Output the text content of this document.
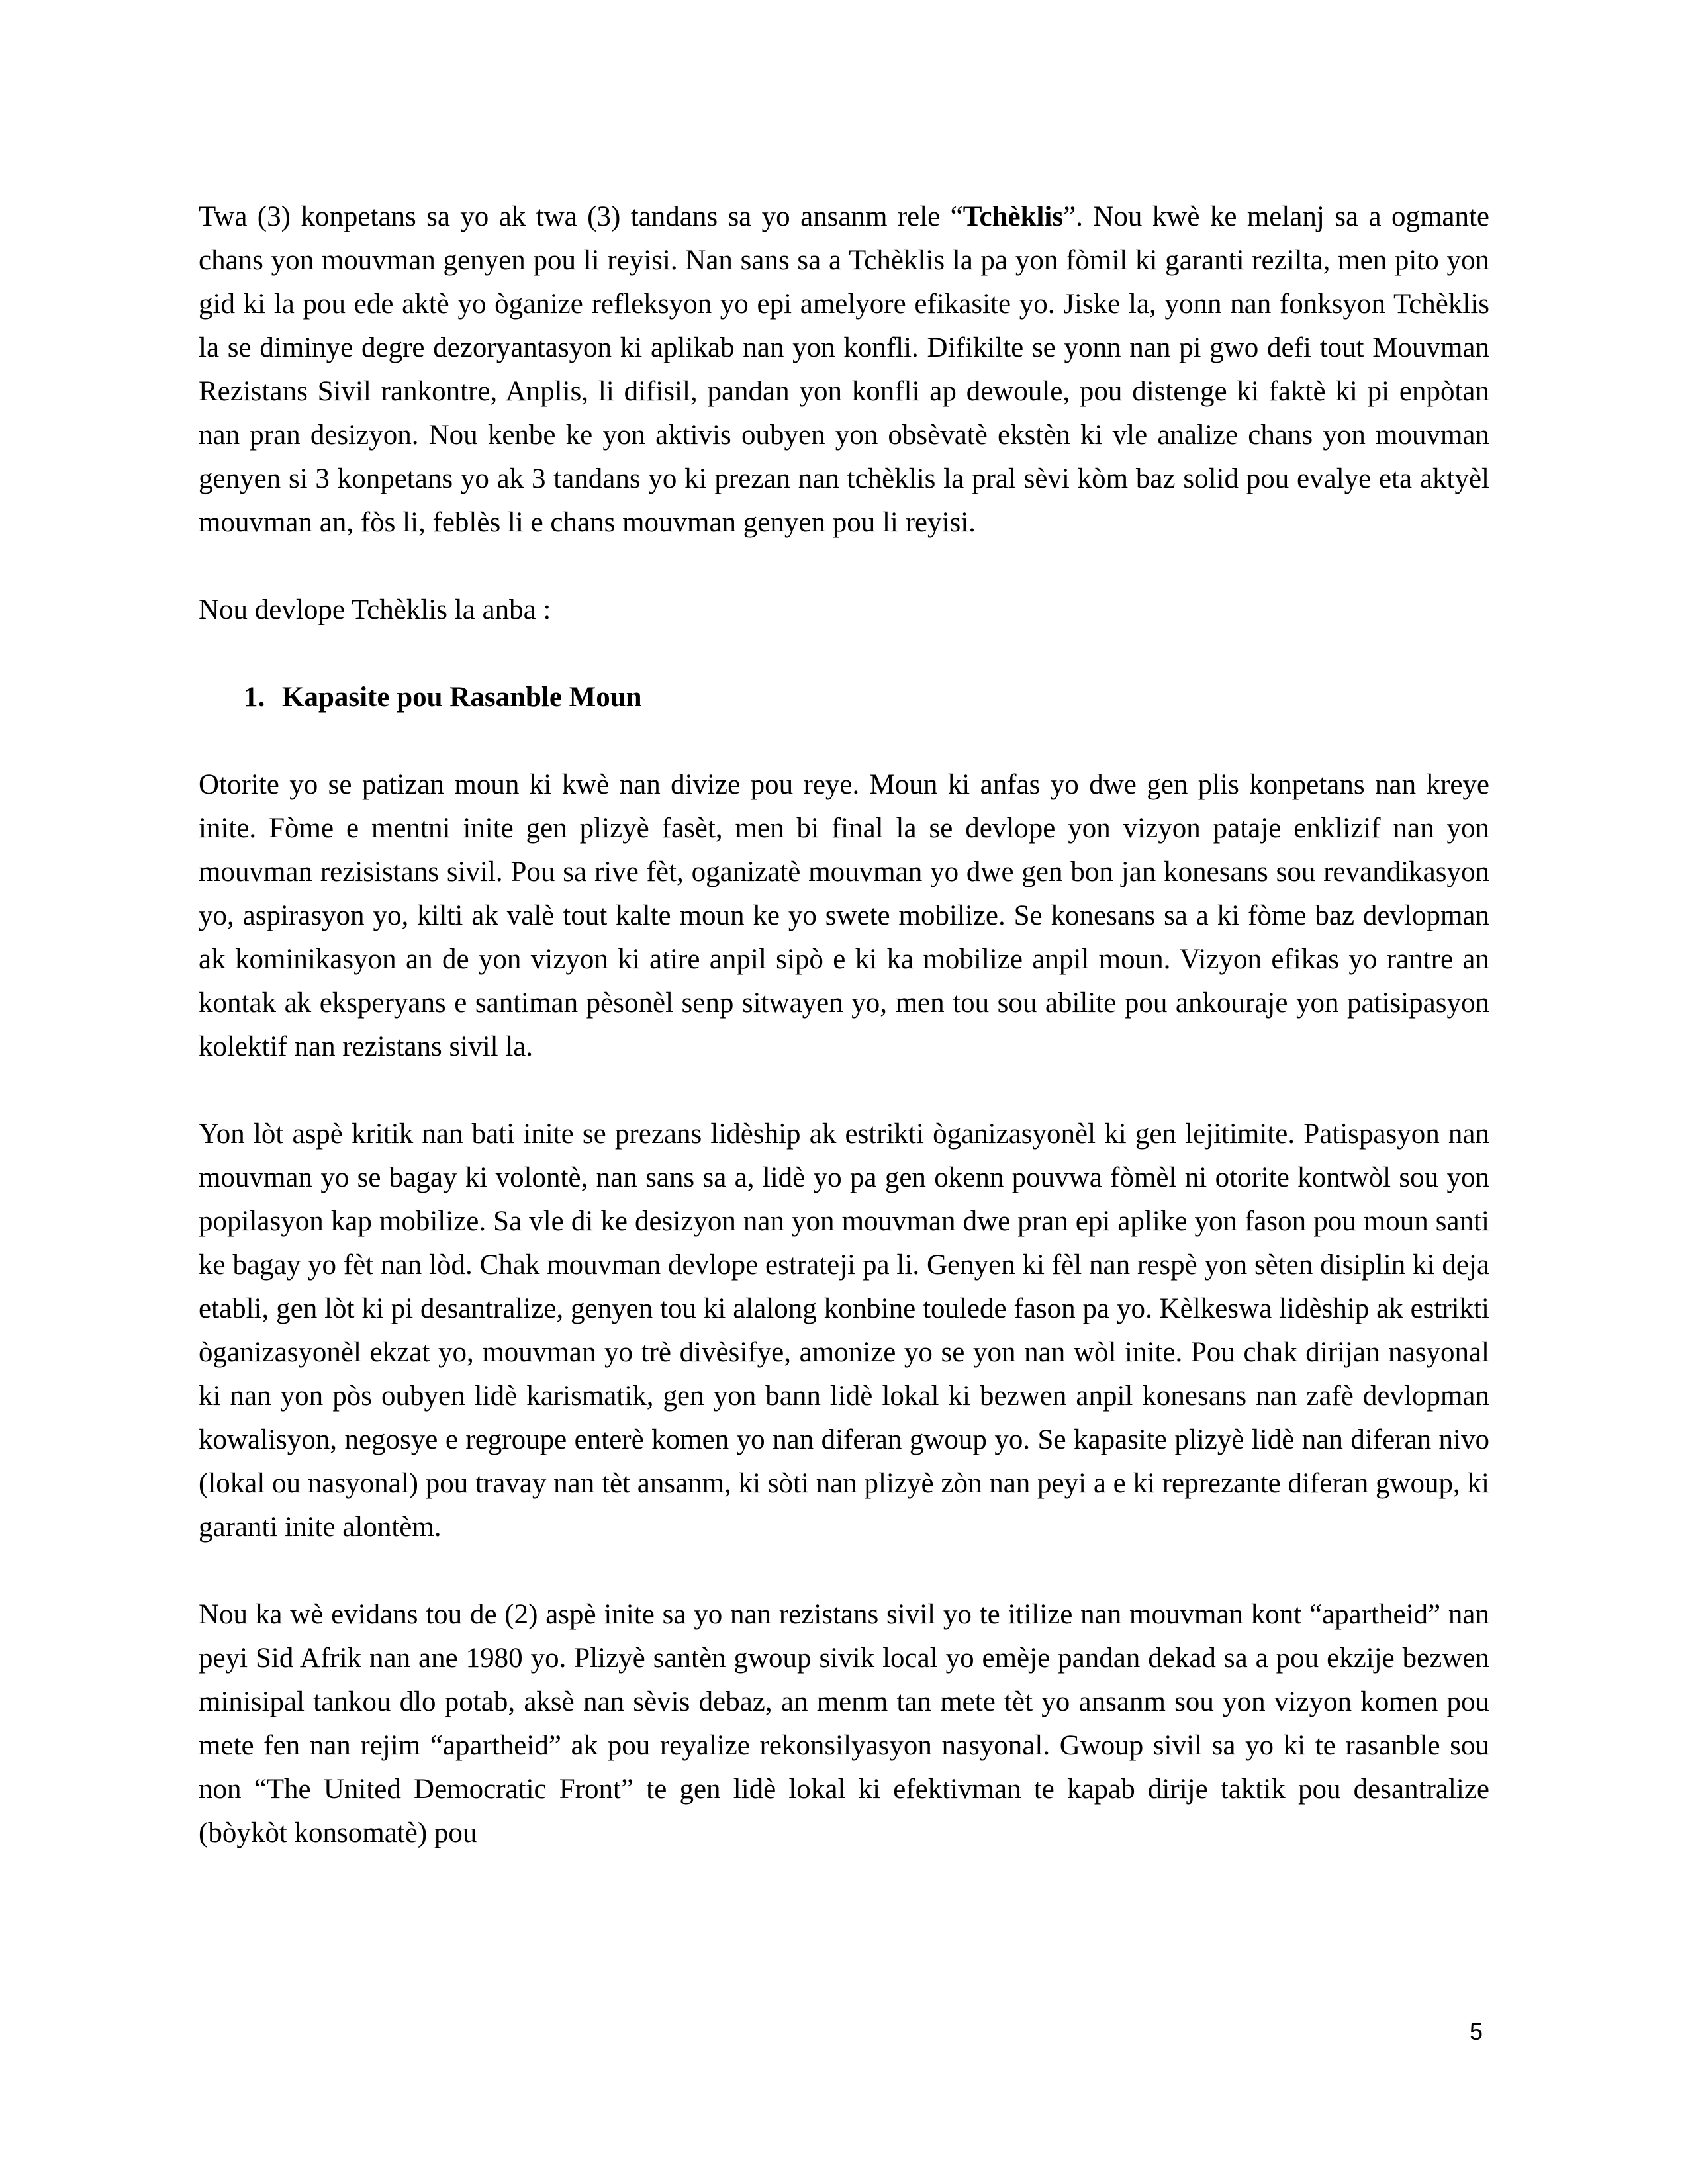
Twa (3) konpetans sa yo ak twa (3) tandans sa yo ansanm rele “Tchèklis”. Nou kwè ke melanj sa a ogmante chans yon mouvman genyen pou li reyisi. Nan sans sa a Tchèklis la pa yon fòmil ki garanti rezilta, men pito yon gid ki la pou ede aktè yo òganize refleksyon yo epi amelyore efikasite yo. Jiske la, yonn nan fonksyon Tchèklis la se diminye degre dezoryantasyon ki aplikab nan yon konfli. Difikilte se yonn nan pi gwo defi tout Mouvman Rezistans Sivil rankontre, Anplis, li difisil, pandan yon konfli ap dewoule, pou distenge ki faktè ki pi enpòtan nan pran desizyon. Nou kenbe ke yon aktivis oubyen yon obsèvatè ekstèn ki vle analize chans yon mouvman genyen si 3 konpetans yo ak 3 tandans yo ki prezan nan tchèklis la pral sèvi kòm baz solid pou evalye eta aktyèl mouvman an, fòs li, feblès li e chans mouvman genyen pou li reyisi.

Nou devlope Tchèklis la anba :

1. Kapasite pou Rasanble Moun

Otorite yo se patizan moun ki kwè nan divize pou reye. Moun ki anfas yo dwe gen plis konpetans nan kreye inite. Fòme e mentni inite gen plizyè fasèt, men bi final la se devlope yon vizyon pataje enklizif nan yon mouvman rezisistans sivil. Pou sa rive fèt, oganizatè mouvman yo dwe gen bon jan konesans sou revandikasyon yo, aspirasyon yo, kilti ak valè tout kalte moun ke yo swete mobilize. Se konesans sa a ki fòme baz devlopman ak kominikasyon an de yon vizyon ki atire anpil sipò e ki ka mobilize anpil moun. Vizyon efikas yo rantre an kontak ak eksperyans e santiman pèsonèl senp sitwayen yo, men tou sou abilite pou ankouraje yon patisipasyon kolektif nan rezistans sivil la.

Yon lòt aspè kritik nan bati inite se prezans lidèship ak estrikti òganizasyonèl ki gen lejitimite. Patispasyon nan mouvman yo se bagay ki volontè, nan sans sa a, lidè yo pa gen okenn pouvwa fòmèl ni otorite kontwòl sou yon popilasyon kap mobilize. Sa vle di ke desizyon nan yon mouvman dwe pran epi aplike yon fason pou moun santi ke bagay yo fèt nan lòd. Chak mouvman devlope estrateji pa li. Genyen ki fèl nan respè yon sèten disiplin ki deja etabli, gen lòt ki pi desantralize, genyen tou ki alalong konbine toulede fason pa yo. Kèlkeswa lidèship ak estrikti òganizasyonèl ekzat yo, mouvman yo trè divèsifye, amonize yo se yon nan wòl inite. Pou chak dirijan nasyonal ki nan yon pòs oubyen lidè karismatik, gen yon bann lidè lokal ki bezwen anpil konesans nan zafè devlopman kowalisyon, negosye e regroupe enterè komen yo nan diferan gwoup yo. Se kapasite plizyè lidè nan diferan nivo (lokal ou nasyonal) pou travay nan tèt ansanm, ki sòti nan plizyè zòn nan peyi a e ki reprezante diferan gwoup, ki garanti inite alontèm.

Nou ka wè evidans tou de (2) aspè inite sa yo nan rezistans sivil yo te itilize nan mouvman kont “apartheid” nan peyi Sid Afrik nan ane 1980 yo. Plizyè santèn gwoup sivik local yo emèje pandan dekad sa a pou ekzije bezwen minisipal tankou dlo potab, aksè nan sèvis debaz, an menm tan mete tèt yo ansanm sou yon vizyon komen pou mete fen nan rejim “apartheid” ak pou reyalize rekonsilyasyon nasyonal. Gwoup sivil sa yo ki te rasanble sou non “The United Democratic Front” te gen lidè lokal ki efektivman te kapab dirije taktik pou desantralize (bòykòt konsomatè) pou

5
